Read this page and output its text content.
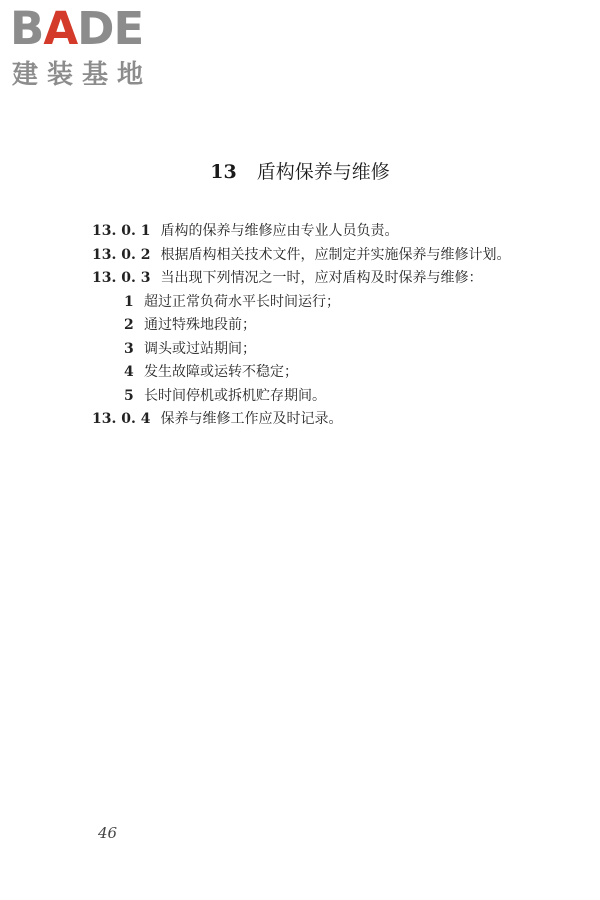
BADE
建装基地
13 盾构保养与维修

13. 0. 1 盾构的保养与维修应由专业人员负责。

13. 0. 2 根据盾构相关技术文件，应制定并实施保养与维修计划。

13. 0. 3 当出现下列情况之一时，应对盾构及时保养与维修：

1 超过正常负荷水平长时间运行；

2 通过特殊地段前；

3 调头或过站期间；

4 发生故障或运转不稳定；

5 长时间停机或拆机贮存期间。

13. 0. 4 保养与维修工作应及时记录。

46
